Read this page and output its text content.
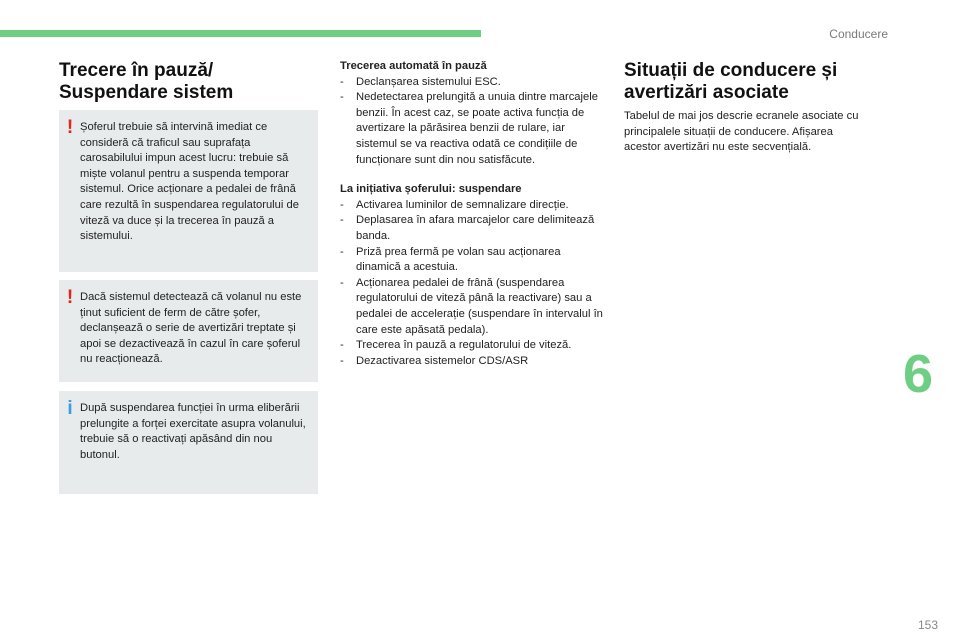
Conducere
6
153
Trecere în pauză/
Suspendare sistem
! Șoferul trebuie să intervină imediat ce consideră că traficul sau suprafața carosabilului impun acest lucru: trebuie să miște volanul pentru a suspenda temporar sistemul. Orice acționare a pedalei de frână care rezultă în suspendarea regulatorului de viteză va duce și la trecerea în pauză a sistemului.

! Dacă sistemul detectează că volanul nu este ținut suficient de ferm de către șofer, declanșează o serie de avertizări treptate și apoi se dezactivează în cazul în care șoferul nu reacționează.

i După suspendarea funcției în urma eliberării prelungite a forței exercitate asupra volanului, trebuie să o reactivați apăsând din nou butonul.

Trecerea automată în pauză
- Declanșarea sistemului ESC.
- Nedetectarea prelungită a unuia dintre marcajele benzii. În acest caz, se poate activa funcția de avertizare la părăsirea benzii de rulare, iar sistemul se va reactiva odată ce condițiile de funcționare sunt din nou satisfăcute.
La inițiativa șoferului: suspendare
- Activarea luminilor de semnalizare direcție.
- Deplasarea în afara marcajelor care delimitează banda.
- Priză prea fermă pe volan sau acționarea dinamică a acestuia.
- Acționarea pedalei de frână (suspendarea regulatorului de viteză până la reactivare) sau a pedalei de accelerație (suspendare în intervalul în care este apăsată pedala).
- Trecerea în pauză a regulatorului de viteză.
- Dezactivarea sistemelor CDS/ASR
Situații de conducere și
avertizări asociate

Tabelul de mai jos descrie ecranele asociate cu principalele situații de conducere. Afișarea acestor avertizări nu este secvențială.
